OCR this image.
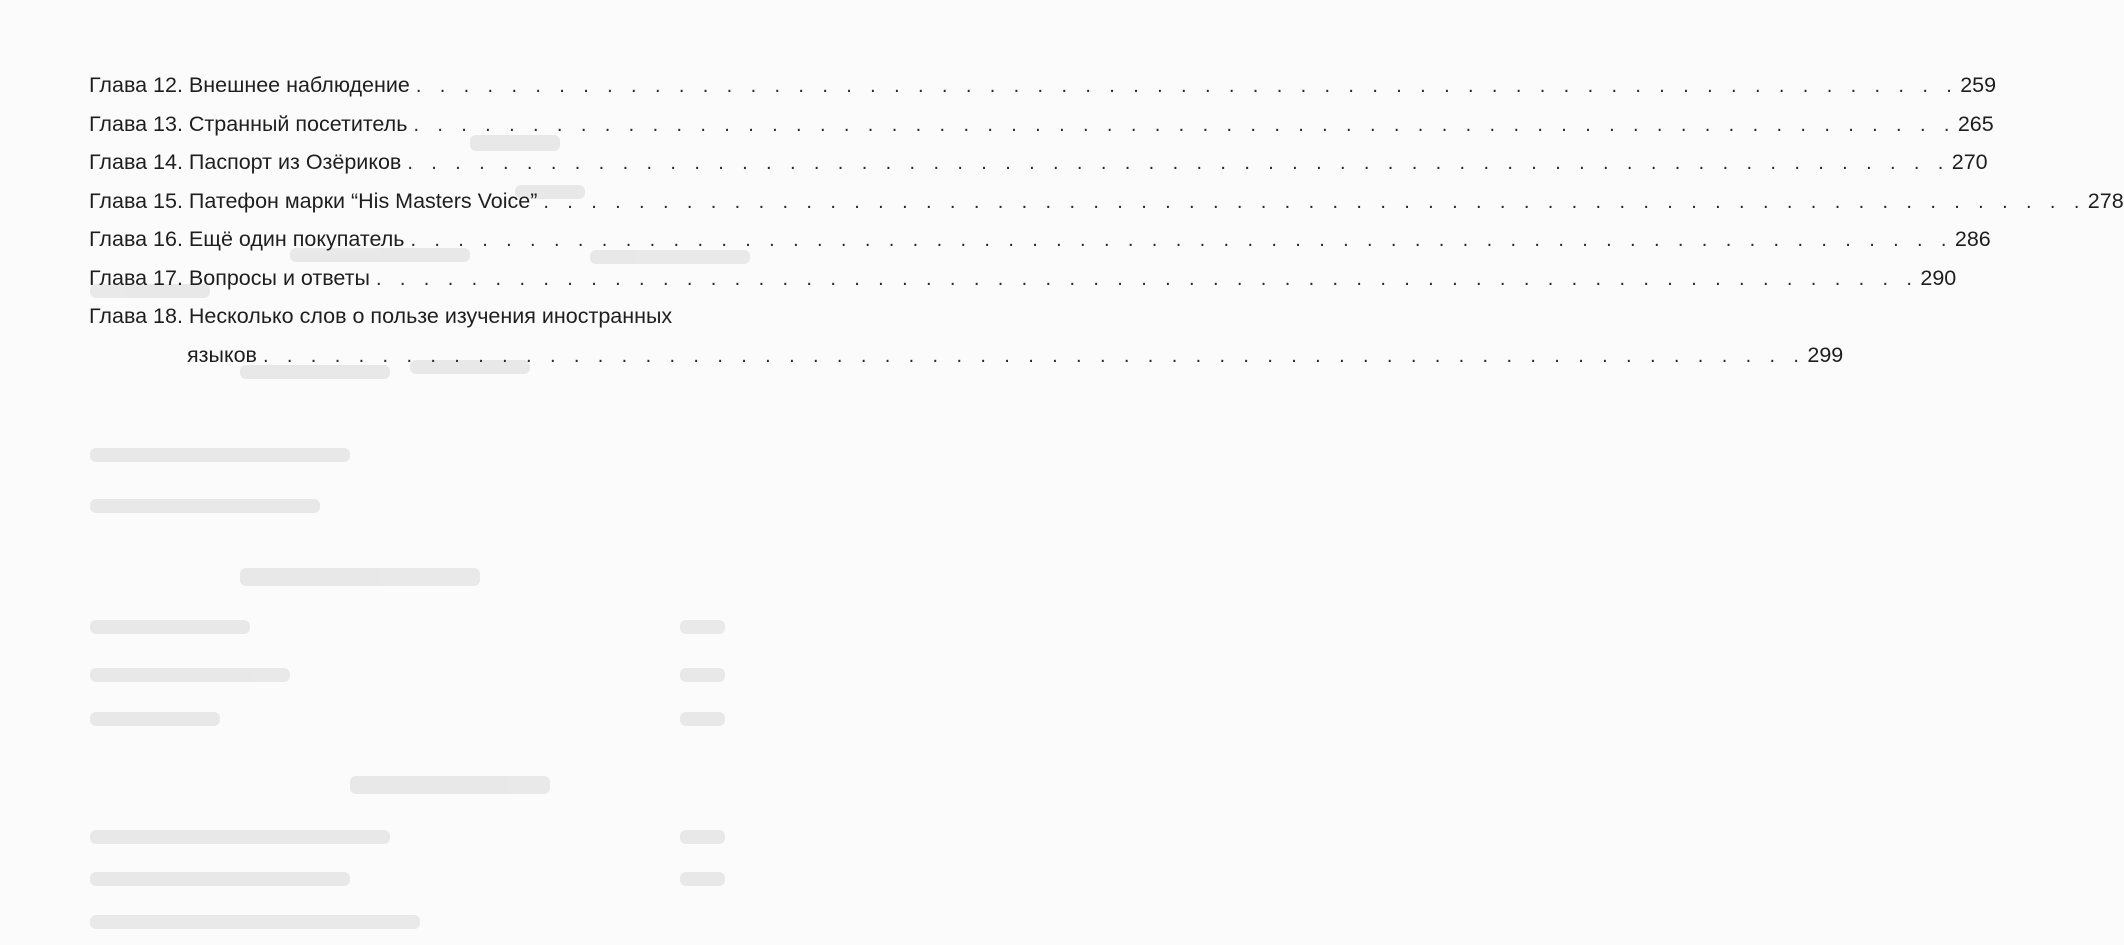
Глава 12. Внешнее наблюдение . . . . . . . . . . . . . . . . . . . . . . . . . . . . . . . . . . . . . . . . . . . . . . . . . . . . . . . . . . . . . . . . . 259
Глава 13. Странный посетитель . . . . . . . . . . . . . . . . . . . . . . . . . . . . . . . . . . . . . . . . . . . . . . . . . . . . . . . . . . . . . . . . . 265
Глава 14. Паспорт из Озёриков . . . . . . . . . . . . . . . . . . . . . . . . . . . . . . . . . . . . . . . . . . . . . . . . . . . . . . . . . . . . . . . . . 270
Глава 15. Патефон марки “His Masters Voice” . . . . . . . . . . . . . . . . . . . . . . . . . . . . . . . . . . . . . . . . . . . . . . . . . . . . . . . . . . . . . . . . . 278
Глава 16. Ещё один покупатель . . . . . . . . . . . . . . . . . . . . . . . . . . . . . . . . . . . . . . . . . . . . . . . . . . . . . . . . . . . . . . . . . 286
Глава 17. Вопросы и ответы . . . . . . . . . . . . . . . . . . . . . . . . . . . . . . . . . . . . . . . . . . . . . . . . . . . . . . . . . . . . . . . . . 290
Глава 18. Несколько слов о пользе изучения иностранных
языков . . . . . . . . . . . . . . . . . . . . . . . . . . . . . . . . . . . . . . . . . . . . . . . . . . . . . . . . . . . . . . . . . 299
